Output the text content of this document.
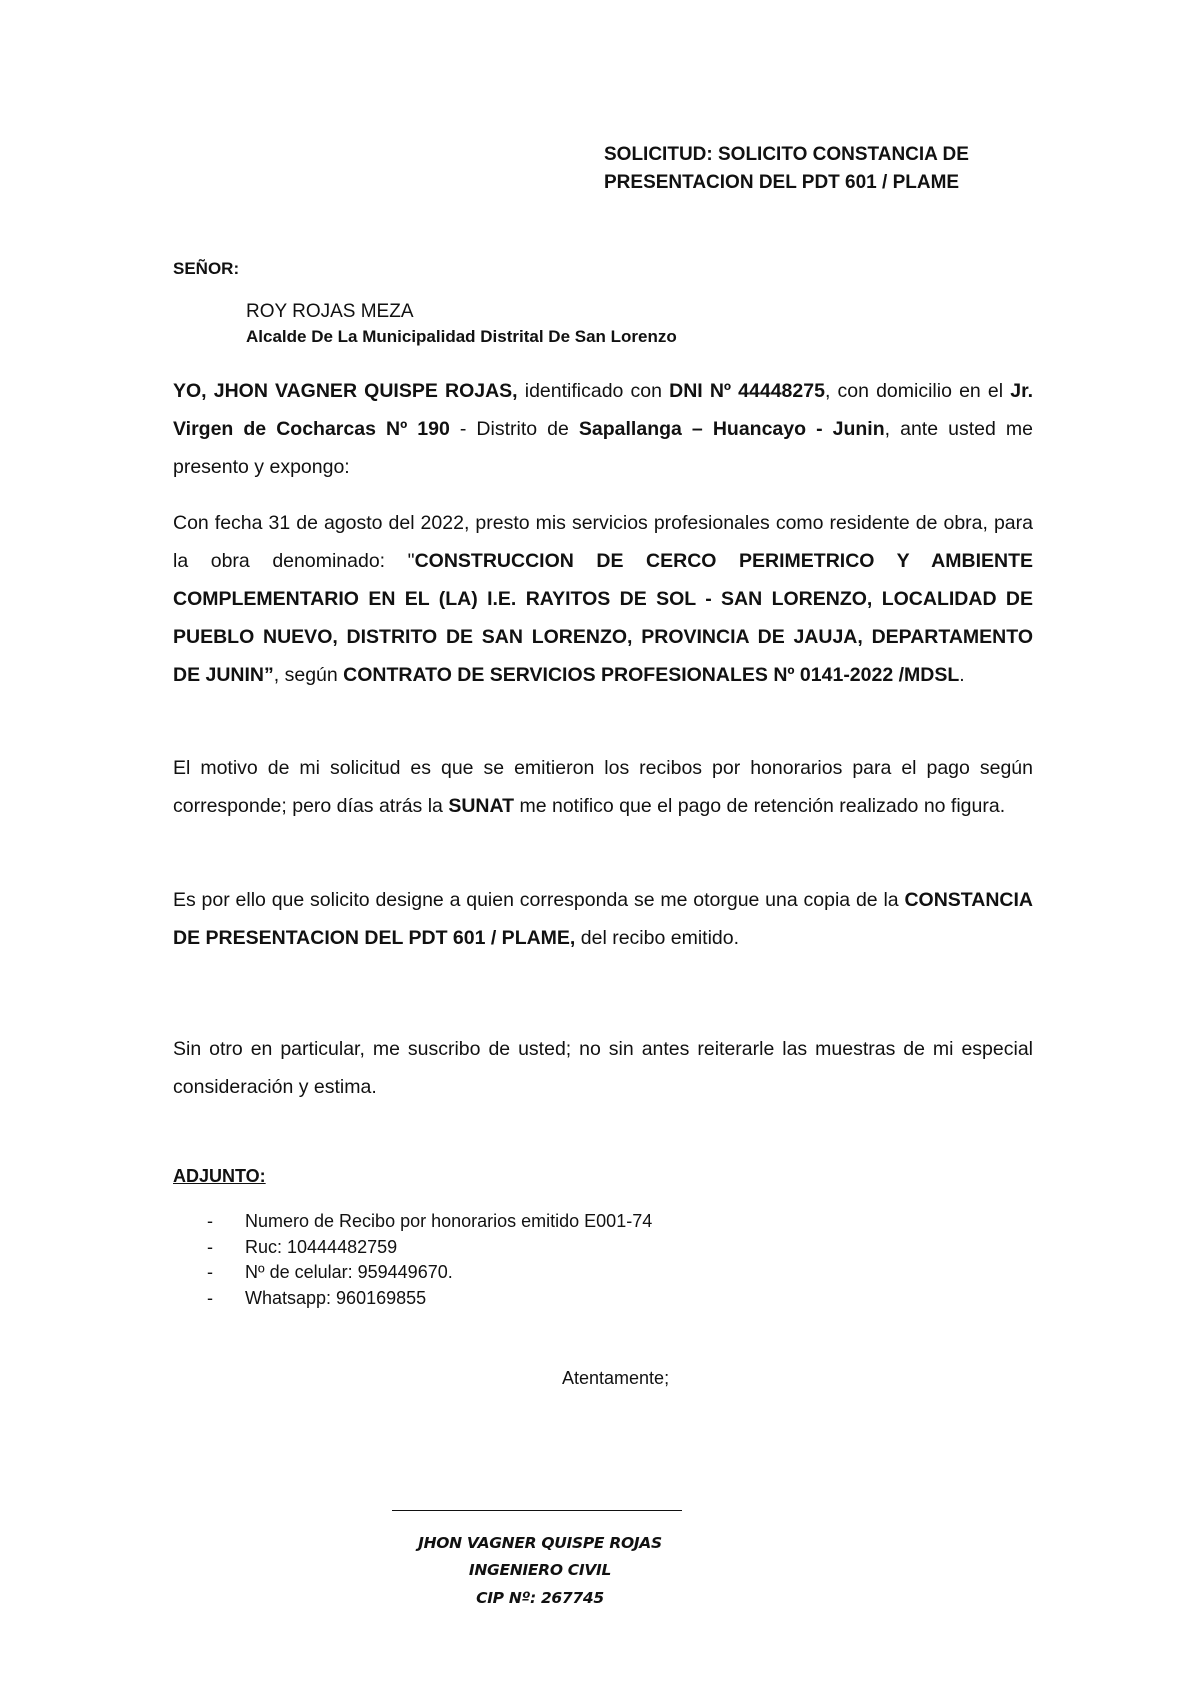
SOLICITUD: SOLICITO CONSTANCIA DE
PRESENTACION DEL PDT 601 / PLAME
SEÑOR:
ROY ROJAS MEZA
Alcalde De La Municipalidad Distrital De San Lorenzo

YO, JHON VAGNER QUISPE ROJAS, identificado con DNI Nº 44448275, con domicilio en el Jr. Virgen de Cocharcas Nº 190 - Distrito de Sapallanga – Huancayo - Junin, ante usted me presento y expongo:

Con fecha 31 de agosto del 2022, presto mis servicios profesionales como residente de obra, para la obra denominado: "CONSTRUCCION DE CERCO PERIMETRICO Y AMBIENTE COMPLEMENTARIO EN EL (LA) I.E. RAYITOS DE SOL - SAN LORENZO, LOCALIDAD DE PUEBLO NUEVO, DISTRITO DE SAN LORENZO, PROVINCIA DE JAUJA, DEPARTAMENTO DE JUNIN”, según CONTRATO DE SERVICIOS PROFESIONALES Nº 0141-2022 /MDSL.

El motivo de mi solicitud es que se emitieron los recibos por honorarios para el pago según corresponde; pero días atrás la SUNAT me notifico que el pago de retención realizado no figura.

Es por ello que solicito designe a quien corresponda se me otorgue una copia de la CONSTANCIA DE PRESENTACION DEL PDT 601 / PLAME, del recibo emitido.

Sin otro en particular, me suscribo de usted; no sin antes reiterarle las muestras de mi especial consideración y estima.

ADJUNTO:
- Numero de Recibo por honorarios emitido E001-74
- Ruc: 10444482759
- Nº de celular: 959449670.
- Whatsapp: 960169855
Atentamente;
JHON VAGNER QUISPE ROJAS
INGENIERO CIVIL
CIP Nº: 267745
